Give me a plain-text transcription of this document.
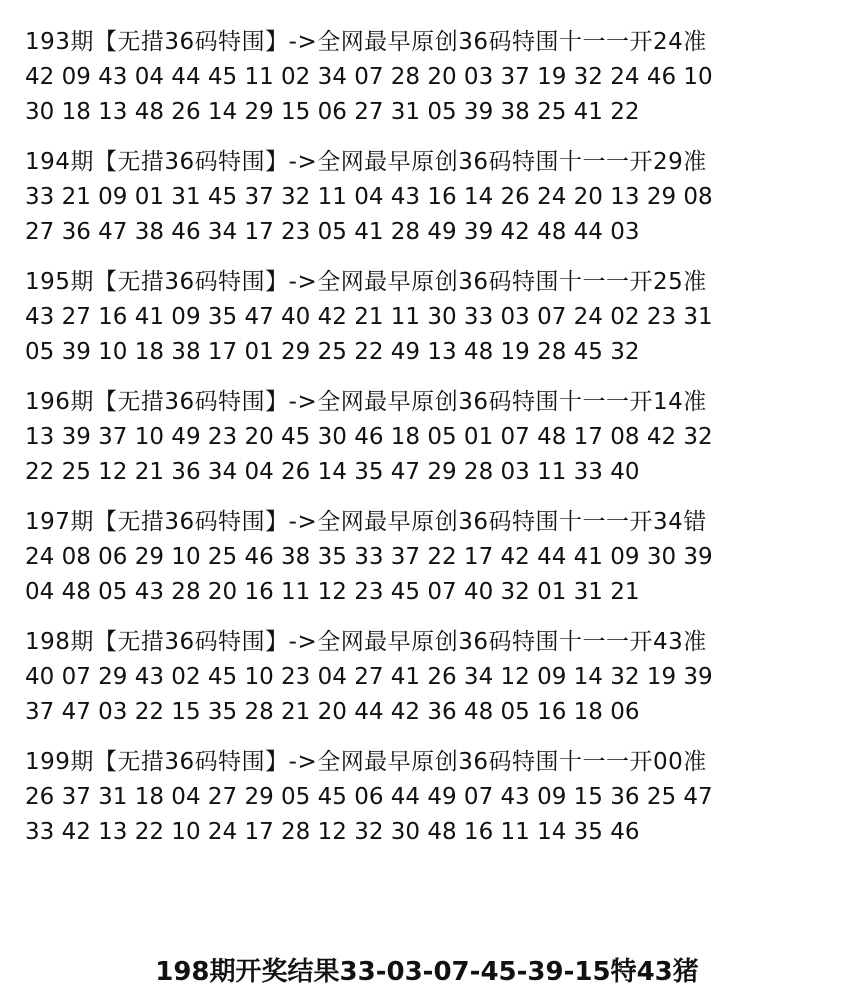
193期【无措36码特围】->全网最早原创36码特围十一一开24准
42 09 43 04 44 45 11 02 34 07 28 20 03 37 19 32 24 46 10
30 18 13 48 26 14 29 15 06 27 31 05 39 38 25 41 22
194期【无措36码特围】->全网最早原创36码特围十一一开29准
33 21 09 01 31 45 37 32 11 04 43 16 14 26 24 20 13 29 08
27 36 47 38 46 34 17 23 05 41 28 49 39 42 48 44 03
195期【无措36码特围】->全网最早原创36码特围十一一开25准
43 27 16 41 09 35 47 40 42 21 11 30 33 03 07 24 02 23 31
05 39 10 18 38 17 01 29 25 22 49 13 48 19 28 45 32
196期【无措36码特围】->全网最早原创36码特围十一一开14准
13 39 37 10 49 23 20 45 30 46 18 05 01 07 48 17 08 42 32
22 25 12 21 36 34 04 26 14 35 47 29 28 03 11 33 40
197期【无措36码特围】->全网最早原创36码特围十一一开34错
24 08 06 29 10 25 46 38 35 33 37 22 17 42 44 41 09 30 39
04 48 05 43 28 20 16 11 12 23 45 07 40 32 01 31 21
198期【无措36码特围】->全网最早原创36码特围十一一开43准
40 07 29 43 02 45 10 23 04 27 41 26 34 12 09 14 32 19 39
37 47 03 22 15 35 28 21 20 44 42 36 48 05 16 18 06
199期【无措36码特围】->全网最早原创36码特围十一一开00准
26 37 31 18 04 27 29 05 45 06 44 49 07 43 09 15 36 25 47
33 42 13 22 10 24 17 28 12 32 30 48 16 11 14 35 46
198期开奖结果33-03-07-45-39-15特43猪
